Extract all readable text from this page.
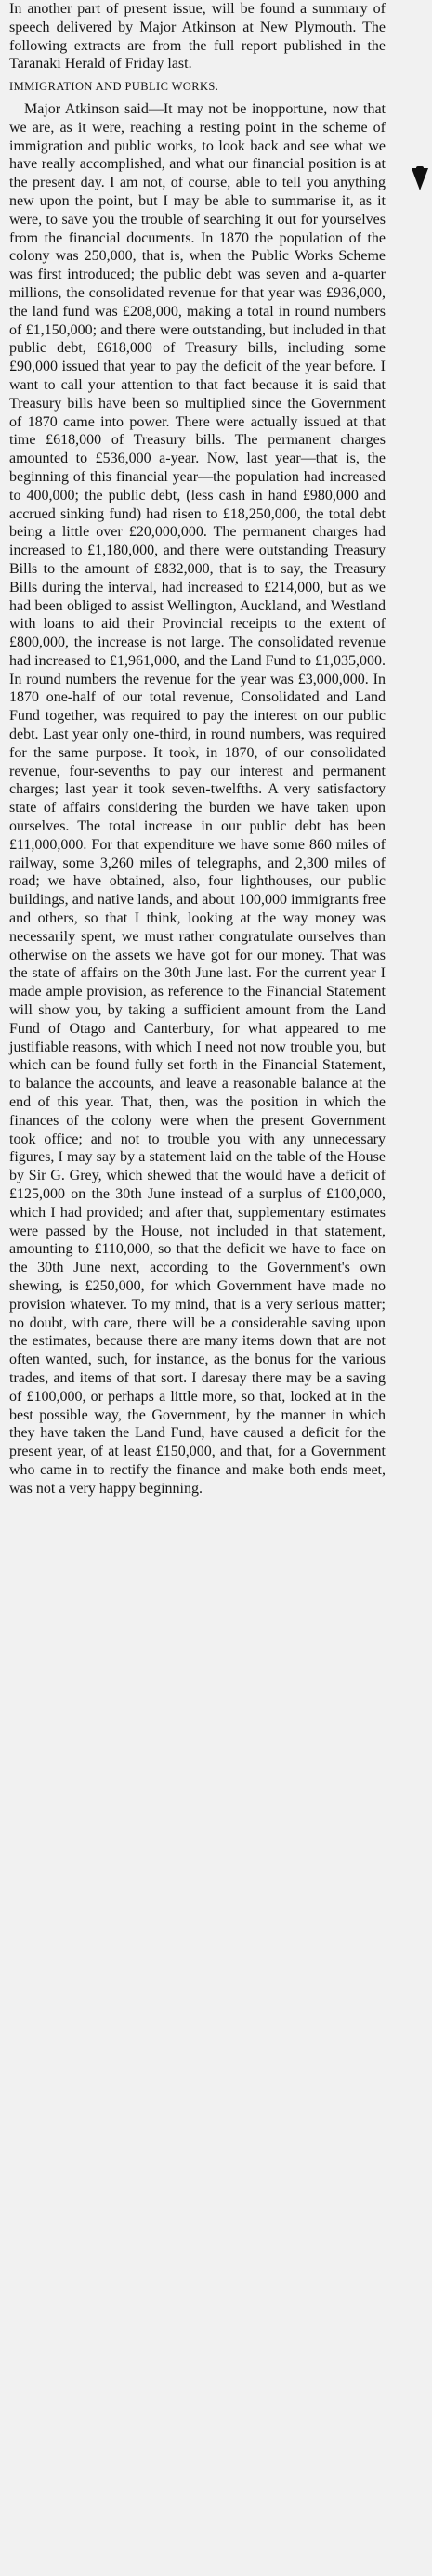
In another part of present issue, will be found a summary of speech delivered by Major Atkinson at New Plymouth. The following extracts are from the full report published in the Taranaki Herald of Friday last.

IMMIGRATION AND PUBLIC WORKS.

Major Atkinson said—It may not be inopportune, now that we are, as it were, reaching a resting point in the scheme of immigration and public works, to look back and see what we have really accomplished, and what our financial position is at the present day. I am not, of course, able to tell you anything new upon the point, but I may be able to summarise it, as it were, to save you the trouble of searching it out for yourselves from the financial documents. In 1870 the population of the colony was 250,000, that is, when the Public Works Scheme was first introduced; the public debt was seven and a-quarter millions, the consolidated revenue for that year was £936,000, the land fund was £208,000, making a total in round numbers of £1,150,000; and there were outstanding, but included in that public debt, £618,000 of Treasury bills, including some £90,000 issued that year to pay the deficit of the year before. I want to call your attention to that fact because it is said that Treasury bills have been so multiplied since the Government of 1870 came into power. There were actually issued at that time £618,000 of Treasury bills. The permanent charges amounted to £536,000 a-year. Now, last year—that is, the beginning of this financial year—the population had increased to 400,000; the public debt, (less cash in hand £980,000 and accrued sinking fund) had risen to £18,250,000, the total debt being a little over £20,000,000. The permanent charges had increased to £1,180,000, and there were outstanding Treasury Bills to the amount of £832,000, that is to say, the Treasury Bills during the interval, had increased to £214,000, but as we had been obliged to assist Wellington, Auckland, and Westland with loans to aid their Provincial receipts to the extent of £800,000, the increase is not large. The consolidated revenue had increased to £1,961,000, and the Land Fund to £1,035,000. In round numbers the revenue for the year was £3,000,000. In 1870 one-half of our total revenue, Consolidated and Land Fund together, was required to pay the interest on our public debt. Last year only one-third, in round numbers, was required for the same purpose. It took, in 1870, of our consolidated revenue, four-sevenths to pay our interest and permanent charges; last year it took seven-twelfths. A very satisfactory state of affairs considering the burden we have taken upon ourselves. The total increase in our public debt has been £11,000,000. For that expenditure we have some 860 miles of railway, some 3,260 miles of telegraphs, and 2,300 miles of road; we have obtained, also, four lighthouses, our public buildings, and native lands, and about 100,000 immigrants free and others, so that I think, looking at the way money was necessarily spent, we must rather congratulate ourselves than otherwise on the assets we have got for our money. That was the state of affairs on the 30th June last. For the current year I made ample provision, as reference to the Financial Statement will show you, by taking a sufficient amount from the Land Fund of Otago and Canterbury, for what appeared to me justifiable reasons, with which I need not now trouble you, but which can be found fully set forth in the Financial Statement, to balance the accounts, and leave a reasonable balance at the end of this year. That, then, was the position in which the finances of the colony were when the present Government took office; and not to trouble you with any unnecessary figures, I may say by a statement laid on the table of the House by Sir G. Grey, which shewed that the would have a deficit of £125,000 on the 30th June instead of a surplus of £100,000, which I had provided; and after that, supplementary estimates were passed by the House, not included in that statement, amounting to £110,000, so that the deficit we have to face on the 30th June next, according to the Government's own shewing, is £250,000, for which Government have made no provision whatever. To my mind, that is a very serious matter; no doubt, with care, there will be a considerable saving upon the estimates, because there are many items down that are not often wanted, such, for instance, as the bonus for the various trades, and items of that sort. I daresay there may be a saving of £100,000, or perhaps a little more, so that, looked at in the best possible way, the Government, by the manner in which they have taken the Land Fund, have caused a deficit for the present year, of at least £150,000, and that, for a Government who came in to rectify the finance and make both ends meet, was not a very happy beginning.
